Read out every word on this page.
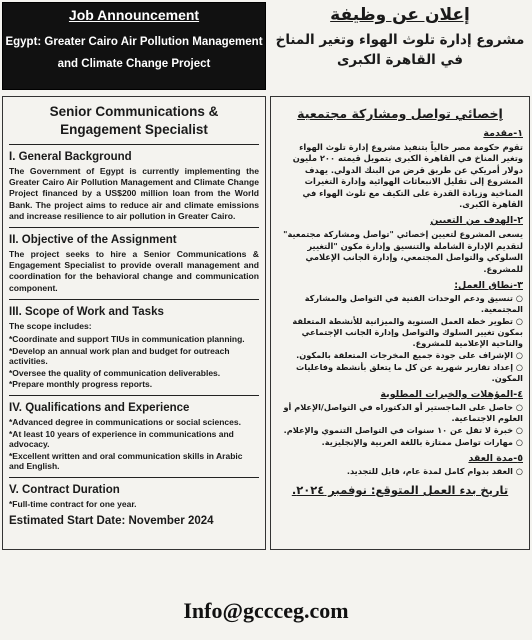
Job Announcement
Egypt: Greater Cairo Air Pollution Management and Climate Change Project
Senior Communications & Engagement Specialist
I. General Background
The Government of Egypt is currently implementing the Greater Cairo Air Pollution Management and Climate Change Project financed by a US$200 million loan from the World Bank. The project aims to reduce air and climate emissions and increase resilience to air pollution in Greater Cairo.
II. Objective of the Assignment
The project seeks to hire a Senior Communications & Engagement Specialist to provide overall management and coordination for the behavioral change and communication component.
III. Scope of Work and Tasks
The scope includes:
*Coordinate and support TIUs in communication planning.
*Develop an annual work plan and budget for outreach activities.
*Oversee the quality of communication deliverables.
*Prepare monthly progress reports.
IV. Qualifications and Experience
*Advanced degree in communications or social sciences.
*At least 10 years of experience in communications and advocacy.
*Excellent written and oral communication skills in Arabic and English.
V. Contract Duration
*Full-time contract for one year.
Estimated Start Date: November 2024
إعلان عن وظيفة
مشروع إدارة تلوث الهواء وتغير المناخ في القاهرة الكبرى
إخصائي تواصل ومشاركة مجتمعية
١-مقدمة
تقوم حكومة مصر حالياً بتنفيذ مشروع إدارة تلوث الهواء وتغير المناخ في القاهرة الكبرى بتمويل قيمته ٢٠٠ مليون دولار أمريكي عن طريق قرض من البنك الدولي. يهدف المشروع إلى تقليل الانبعاثات الهوائية وإدارة التغيرات المناخية وزيادة القدرة على التكيف مع تلوث الهواء في القاهرة الكبرى.
٢-الهدف من التعيين
يسعى المشروع لتعيين إخصائي "تواصل ومشاركة مجتمعية" لتقديم الإدارة الشاملة والتنسيق وإدارة مكون "التغيير السلوكي والتواصل المجتمعي، وإدارة الجانب الإعلامي للمشروع.
٣-نطاق العمل:
○ تنسيق ودعم الوحدات الفنية في التواصل والمشاركة المجتمعية.
○ تطوير خطة العمل السنوية والميزانية للأنشطة المتعلقة بمكون تغيير السلوك والتواصل وإدارة الجانب الإجتماعي والناحية الإعلامية للمشروع.
○ الإشراف على جودة جميع المخرجات المتعلقة بالمكون.
○ إعداد تقارير شهرية عن كل ما يتعلق بأنشطة وفاعليات المكون.
٤-المؤهلات والخبرات المطلوبة
○ حاصل على الماجستير أو الدكتوراه في التواصل/الإعلام أو العلوم الاجتماعية.
○ خبرة لا تقل عن ١٠ سنوات في التواصل التنموي والإعلام.
○ مهارات تواصل ممتازة باللغة العربية والإنجليزية.
٥-مدة العقد
○ العقد بدوام كامل لمدة عام، قابل للتجديد.
تاريخ بدء العمل المتوقع: نوفمبر ٢٠٢٤.
Info@gccceg.com
